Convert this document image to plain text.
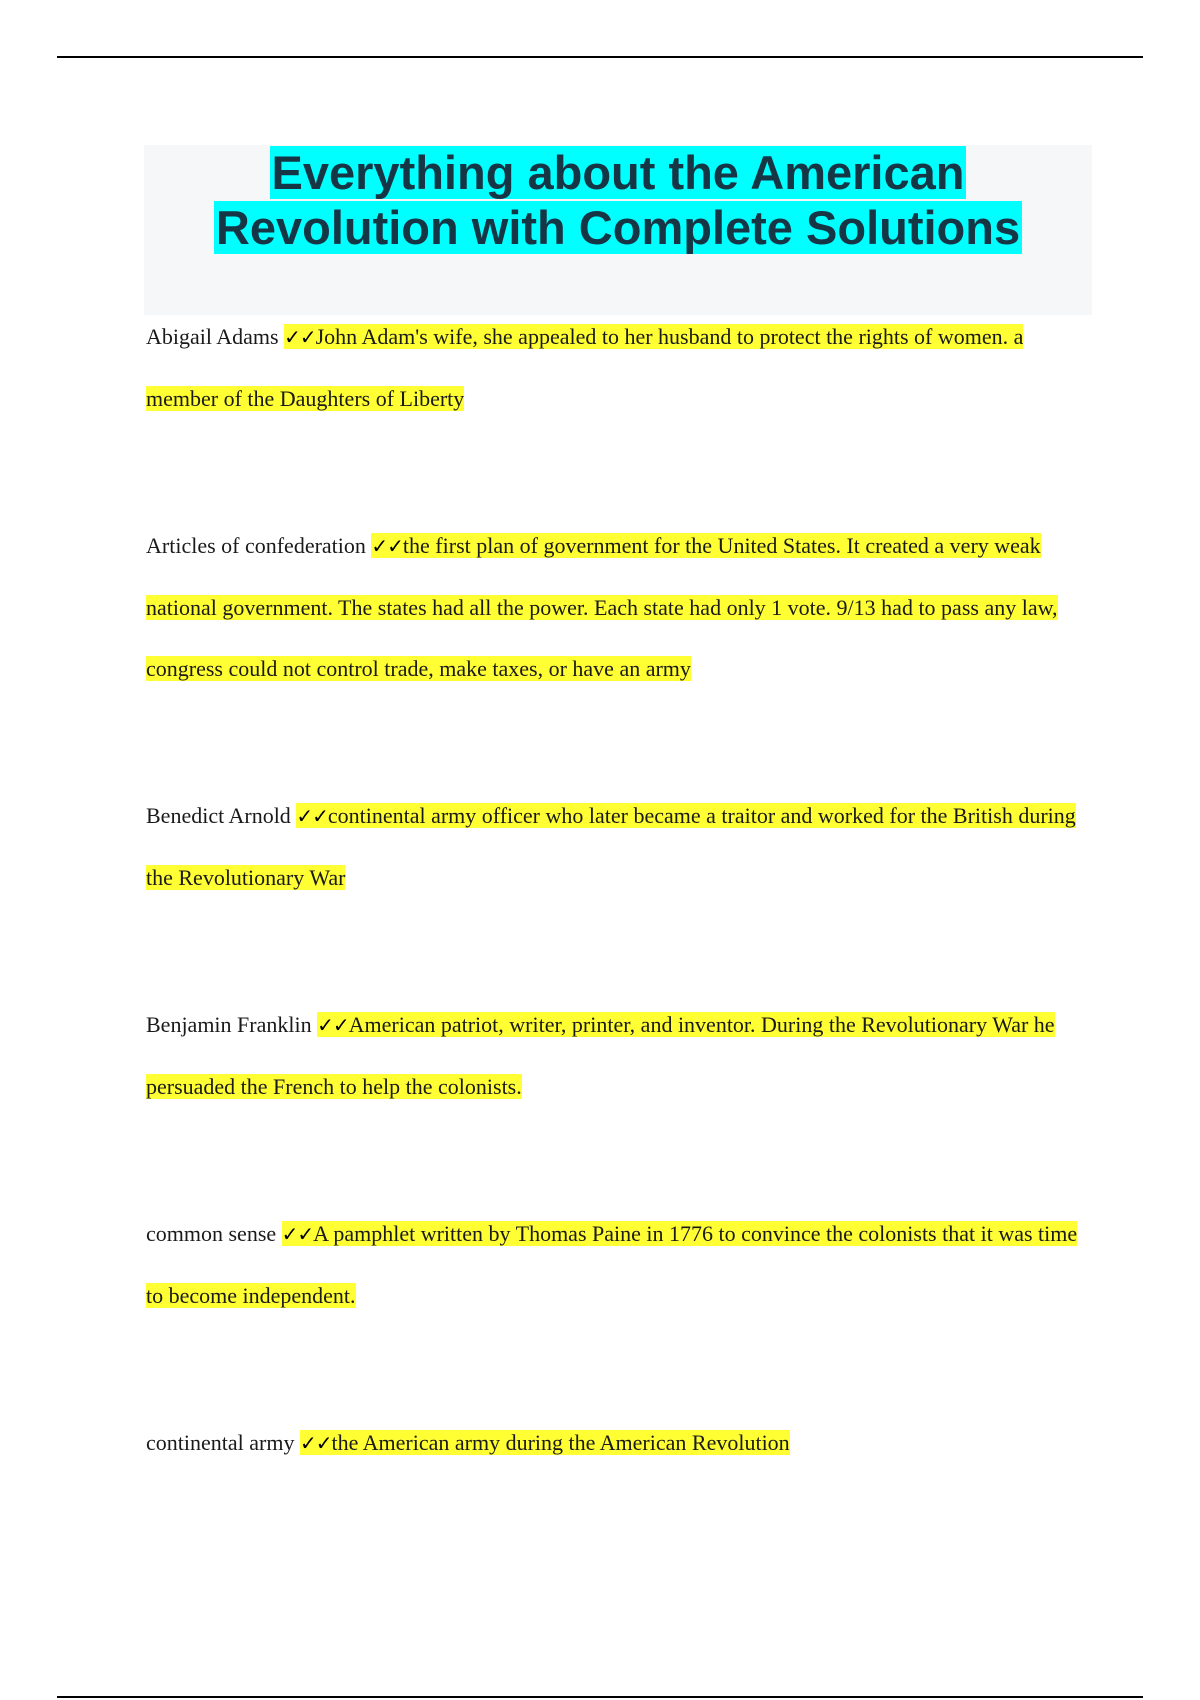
Everything about the American
Revolution with Complete Solutions

Abigail Adams ✓✓John Adam's wife, she appealed to her husband to protect the rights of women. a member of the Daughters of Liberty

Articles of confederation ✓✓the first plan of government for the United States. It created a very weak national government. The states had all the power. Each state had only 1 vote. 9/13 had to pass any law, congress could not control trade, make taxes, or have an army

Benedict Arnold ✓✓continental army officer who later became a traitor and worked for the British during the Revolutionary War

Benjamin Franklin ✓✓American patriot, writer, printer, and inventor. During the Revolutionary War he persuaded the French to help the colonists.

common sense ✓✓A pamphlet written by Thomas Paine in 1776 to convince the colonists that it was time to become independent.

continental army ✓✓the American army during the American Revolution
